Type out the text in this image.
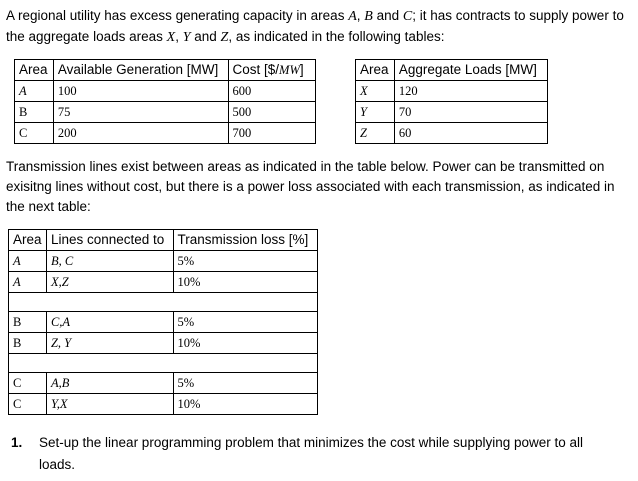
A regional utility has excess generating capacity in areas A, B and C; it has contracts to supply power to the aggregate loads areas X, Y and Z, as indicated in the following tables:
Area	Available Generation [MW]	Cost [$/MW]
A	100	600
B	75	500
C	200	700
Area	Aggregate Loads [MW]
X	120
Y	70
Z	60
Transmission lines exist between areas as indicated in the table below. Power can be transmitted on exisitng lines without cost, but there is a power loss associated with each transmission, as indicated in the next table:
Area	Lines connected to	Transmission loss [%]
A	B, C	5%
A	X,Z	10%

B	C,A	5%
B	Z, Y	10%

C	A,B	5%
C	Y,X	10%
1. Set-up the linear programming problem that minimizes the cost while supplying power to all loads.
